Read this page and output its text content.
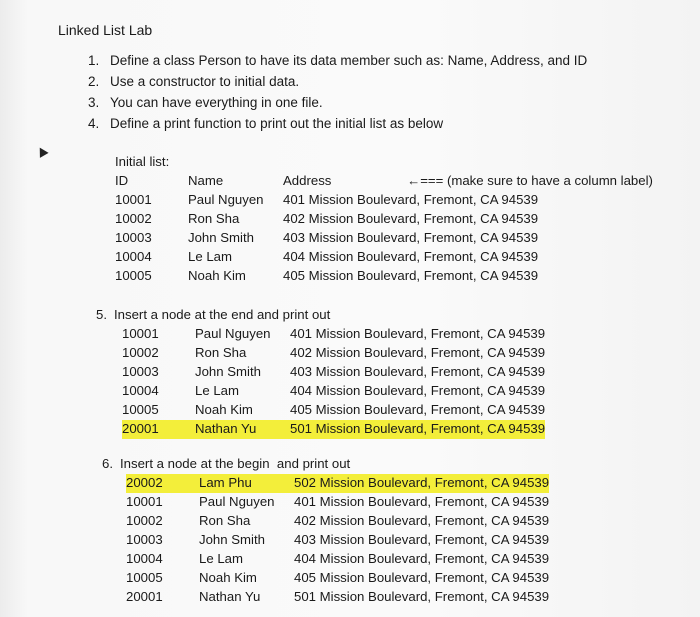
Linked List Lab
1. Define a class Person to have its data member such as: Name, Address, and ID
2. Use a constructor to initial data.
3. You can have everything in one file.
4. Define a print function to print out the initial list as below
Initial list:
ID	Name	Address	←=== (make sure to have a column label)
10001	Paul Nguyen	401 Mission Boulevard, Fremont, CA 94539
10002	Ron Sha	402 Mission Boulevard, Fremont, CA 94539
10003	John Smith	403 Mission Boulevard, Fremont, CA 94539
10004	Le Lam	404 Mission Boulevard, Fremont, CA 94539
10005	Noah Kim	405 Mission Boulevard, Fremont, CA 94539
5. Insert a node at the end and print out
10001	Paul Nguyen	401 Mission Boulevard, Fremont, CA 94539
10002	Ron Sha	402 Mission Boulevard, Fremont, CA 94539
10003	John Smith	403 Mission Boulevard, Fremont, CA 94539
10004	Le Lam	404 Mission Boulevard, Fremont, CA 94539
10005	Noah Kim	405 Mission Boulevard, Fremont, CA 94539
20001	Nathan Yu	501 Mission Boulevard, Fremont, CA 94539
6. Insert a node at the begin  and print out
20002	Lam Phu	502 Mission Boulevard, Fremont, CA 94539
10001	Paul Nguyen	401 Mission Boulevard, Fremont, CA 94539
10002	Ron Sha	402 Mission Boulevard, Fremont, CA 94539
10003	John Smith	403 Mission Boulevard, Fremont, CA 94539
10004	Le Lam	404 Mission Boulevard, Fremont, CA 94539
10005	Noah Kim	405 Mission Boulevard, Fremont, CA 94539
20001	Nathan Yu	501 Mission Boulevard, Fremont, CA 94539
